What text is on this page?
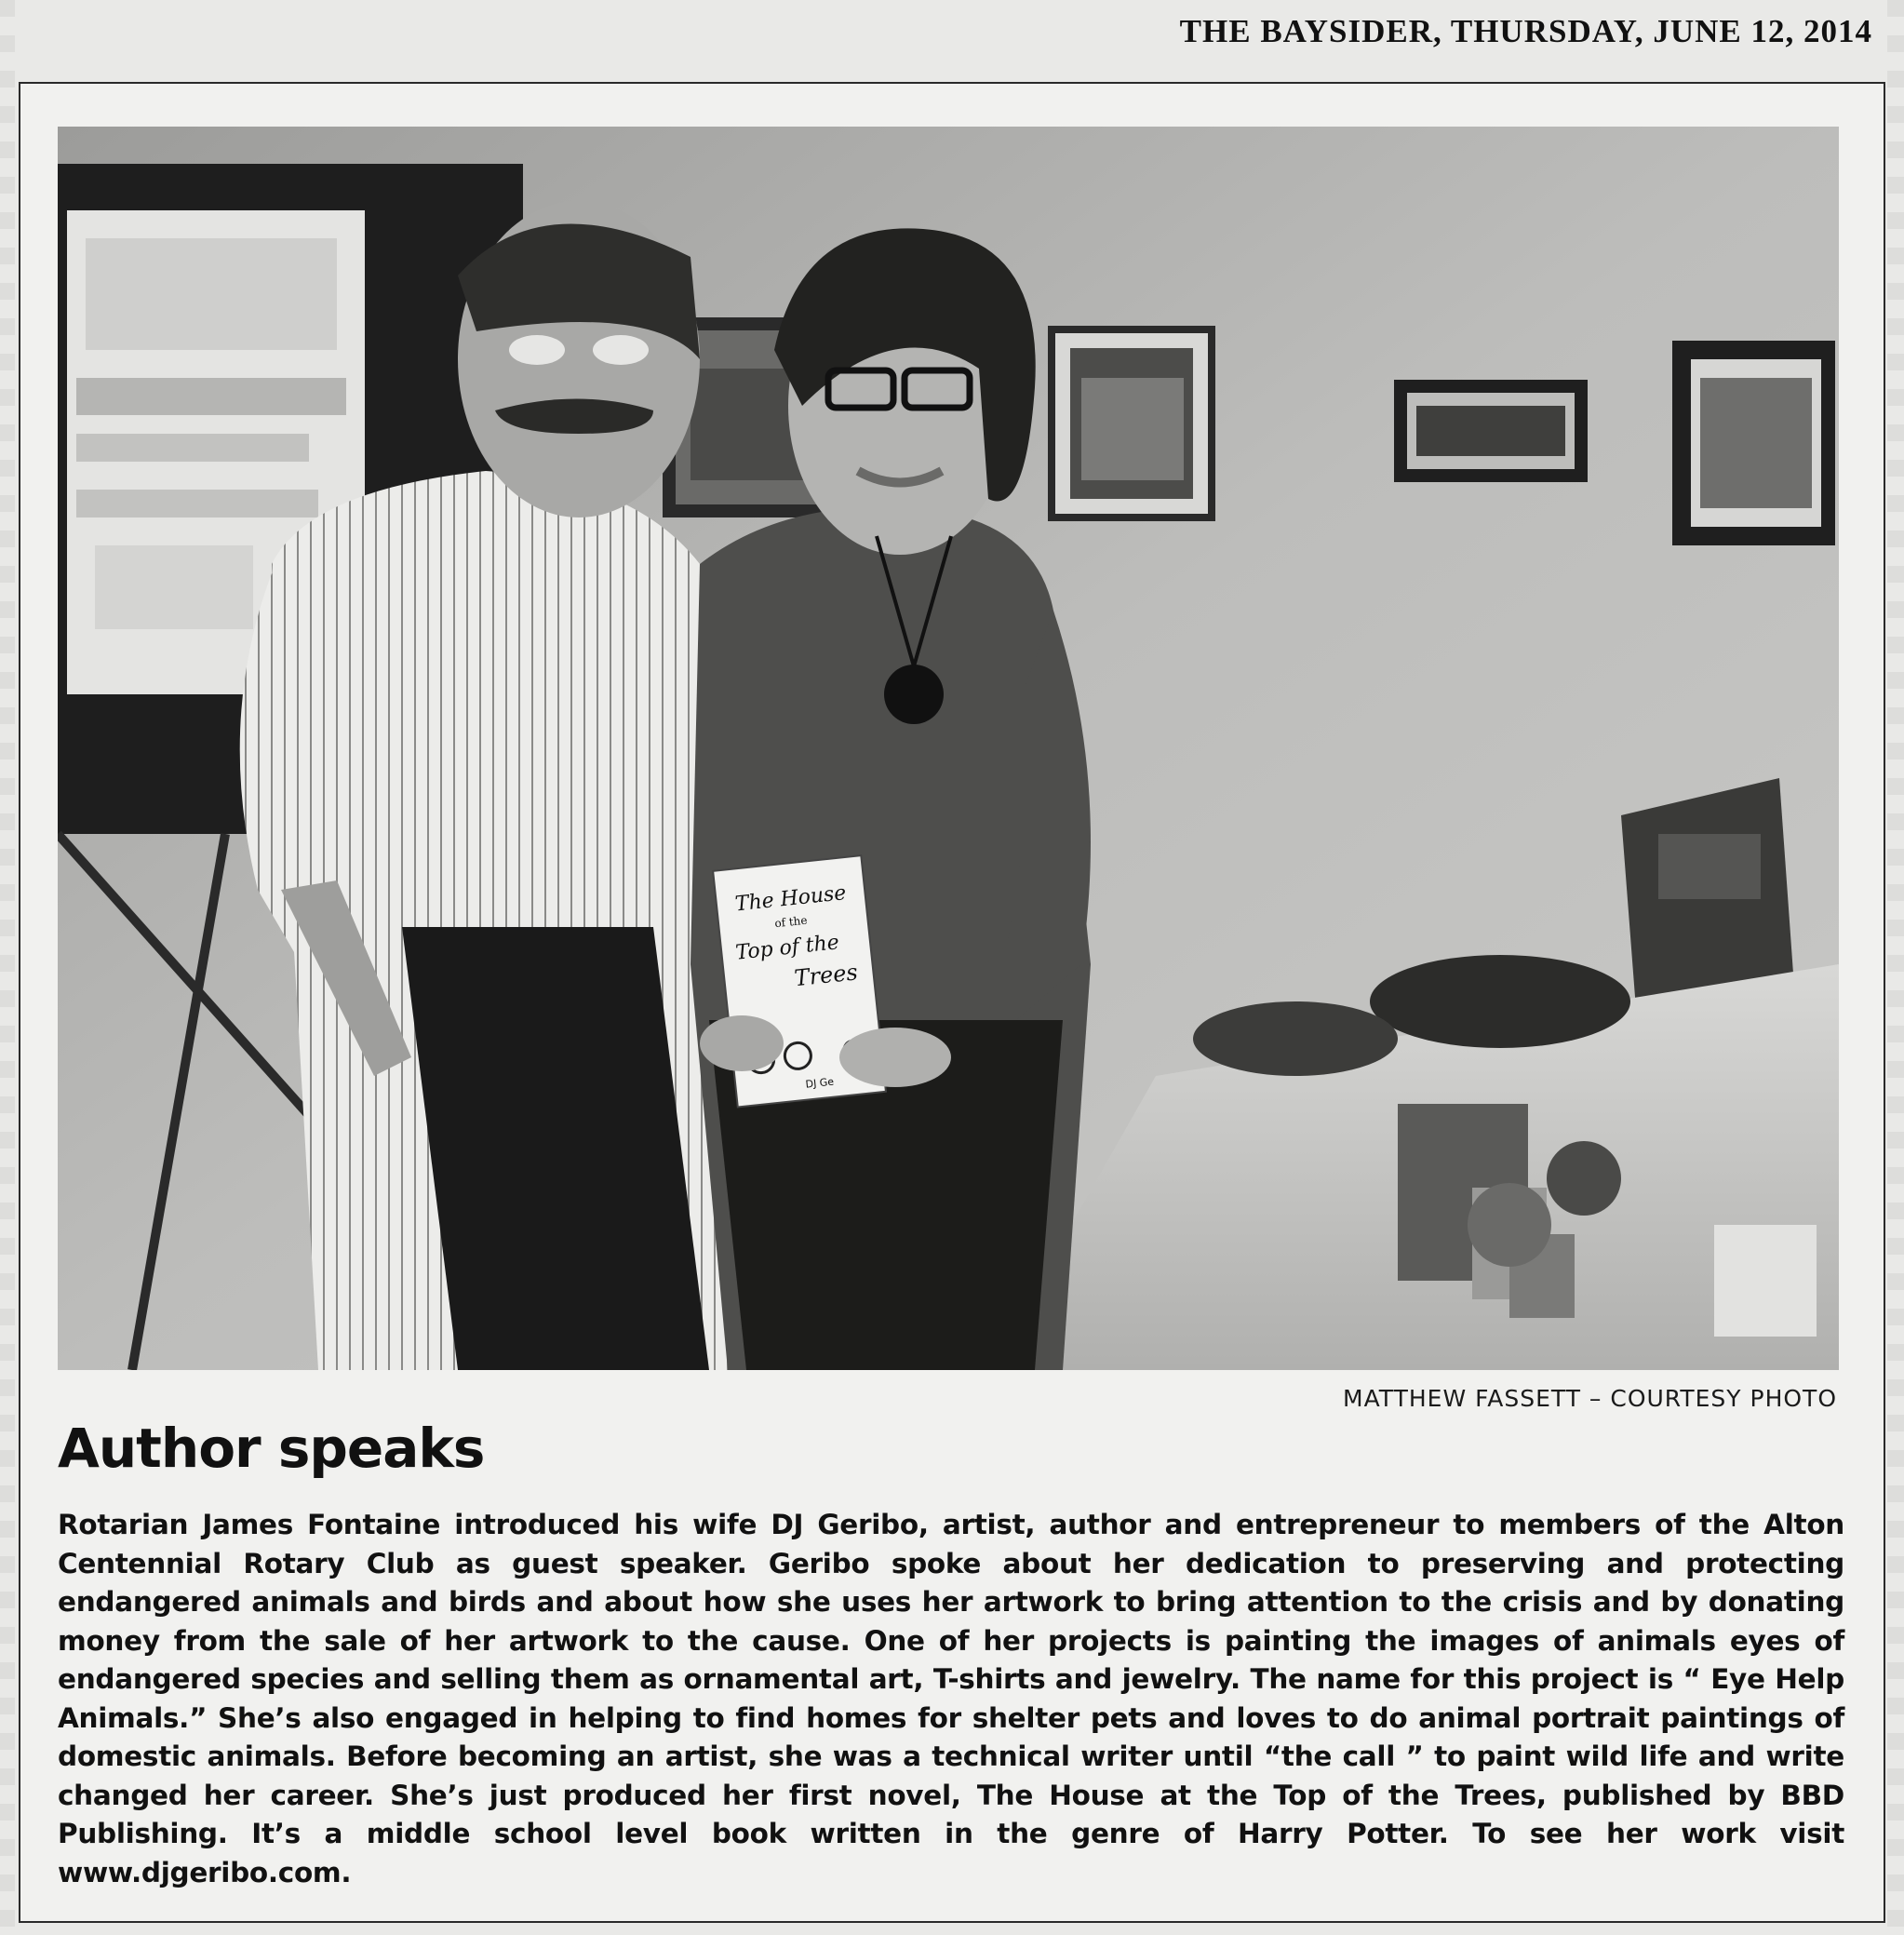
THE BAYSIDER, THURSDAY, JUNE 12, 2014
The House
of the
Top of the
Trees
DJ Ge
MATTHEW FASSETT – COURTESY PHOTO
Author speaks
Rotarian James Fontaine introduced his wife DJ Geribo, artist, author and entrepreneur to members of the Alton Centennial Rotary Club as guest speaker. Geribo spoke about her dedication to preserving and protecting endangered animals and birds and about how she uses her artwork to bring attention to the crisis and by donating money from the sale of her artwork to the cause. One of her projects is painting the images of animals eyes of endangered species and selling them as ornamental art, T-shirts and jewelry. The name for this project is “ Eye Help Animals.” She’s also engaged in helping to find homes for shelter pets and loves to do animal portrait paintings of domestic animals. Before becoming an artist, she was a technical writer until “the call ” to paint wild life and write changed her career. She’s just produced her first novel, The House at the Top of the Trees, published by BBD Publishing. It’s a middle school level book written in the genre of Harry Potter. To see her work visit www.djgeribo.com.
